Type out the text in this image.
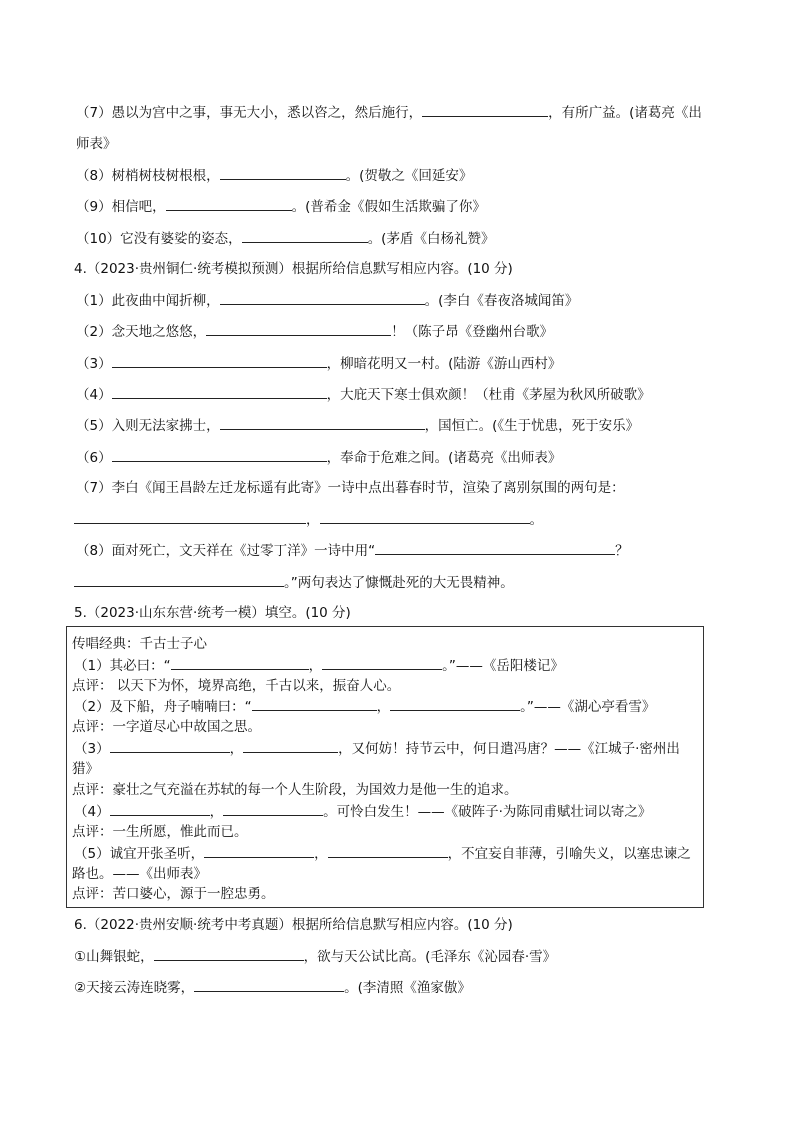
（7）愚以为宫中之事，事无大小，悉以咨之，然后施行，	，有所广益。(诸葛亮《出
师表》
（8）树梢树枝树根根，	。(贺敬之《回延安》
（9）相信吧，	。(普希金《假如生活欺骗了你》
（10）它没有婆娑的姿态，	。(茅盾《白杨礼赞》
4.（2023·贵州铜仁·统考模拟预测）根据所给信息默写相应内容。(10 分)
（1）此夜曲中闻折柳，	。(李白《春夜洛城闻笛》
（2）念天地之悠悠，	！（陈子昂《登幽州台歌》
（3）	，柳暗花明又一村。(陆游《游山西村》
（4）	，大庇天下寒士俱欢颜！（杜甫《茅屋为秋风所破歌》
（5）入则无法家拂士，	，国恒亡。(《生于忧患，死于安乐》
（6）	，奉命于危难之间。(诸葛亮《出师表》
（7）李白《闻王昌龄左迁龙标遥有此寄》一诗中点出暮春时节，渲染了离别氛围的两句是：
，	。
（8）面对死亡，文天祥在《过零丁洋》一诗中用“	？
。”两句表达了慷慨赴死的大无畏精神。
5.（2023·山东东营·统考一模）填空。(10 分)
传唱经典：千古士子心
（1）其必曰：“	，	。”——《岳阳楼记》
点评： 以天下为怀，境界高绝，千古以来，振奋人心。
（2）及下船，舟子喃喃曰：“	，	。”——《湖心亭看雪》
点评：一字道尽心中故国之思。
（3）	，	，又何妨！持节云中，何日遣冯唐？——《江城子·密州出
猎》
点评：豪壮之气充溢在苏轼的每一个人生阶段，为国效力是他一生的追求。
（4）	，	。可怜白发生！——《破阵子·为陈同甫赋壮词以寄之》
点评：一生所愿，惟此而已。
（5）诚宜开张圣听，	，	，不宜妄自菲薄，引喻失义，以塞忠谏之
路也。——《出师表》
点评：苦口婆心，源于一腔忠勇。
6.（2022·贵州安顺·统考中考真题）根据所给信息默写相应内容。(10 分)
①山舞银蛇，	，欲与天公试比高。(毛泽东《沁园春·雪》
②天接云涛连晓雾，	。(李清照《渔家傲》
